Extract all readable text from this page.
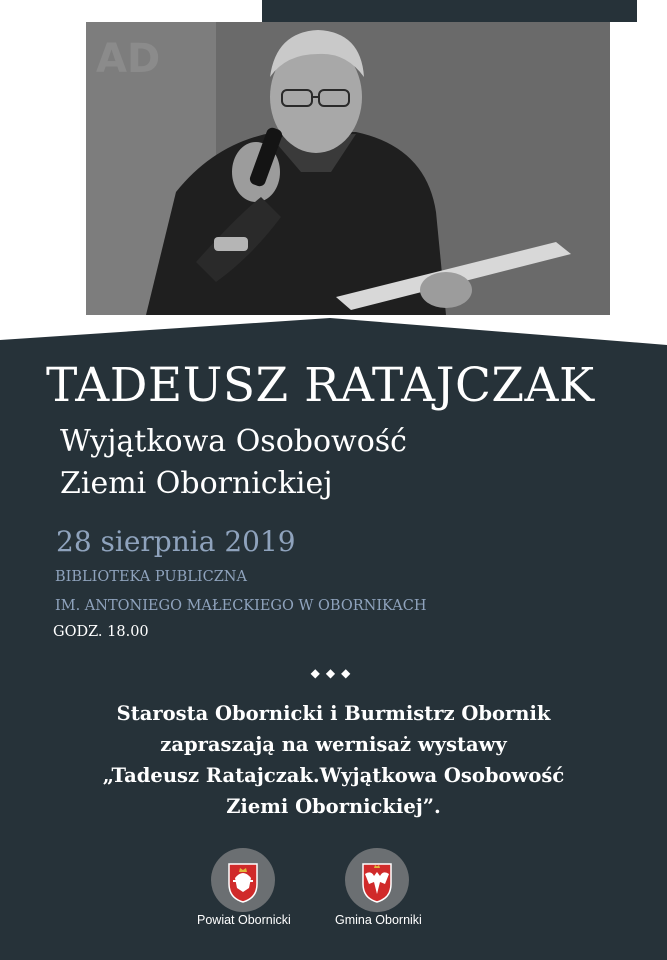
AD
TADEUSZ RATAJCZAK
Wyjątkowa Osobowość
Ziemi Obornickiej
28 sierpnia 2019
BIBLIOTEKA PUBLICZNA
IM. ANTONIEGO MAŁECKIEGO W OBORNIKACH
GODZ. 18.00
◆◆◆
Starosta Obornicki i Burmistrz Obornik
zapraszają na wernisaż wystawy
„Tadeusz Ratajczak.Wyjątkowa Osobowość
Ziemi Obornickiej”.
Powiat Obornicki	Gmina Oborniki
